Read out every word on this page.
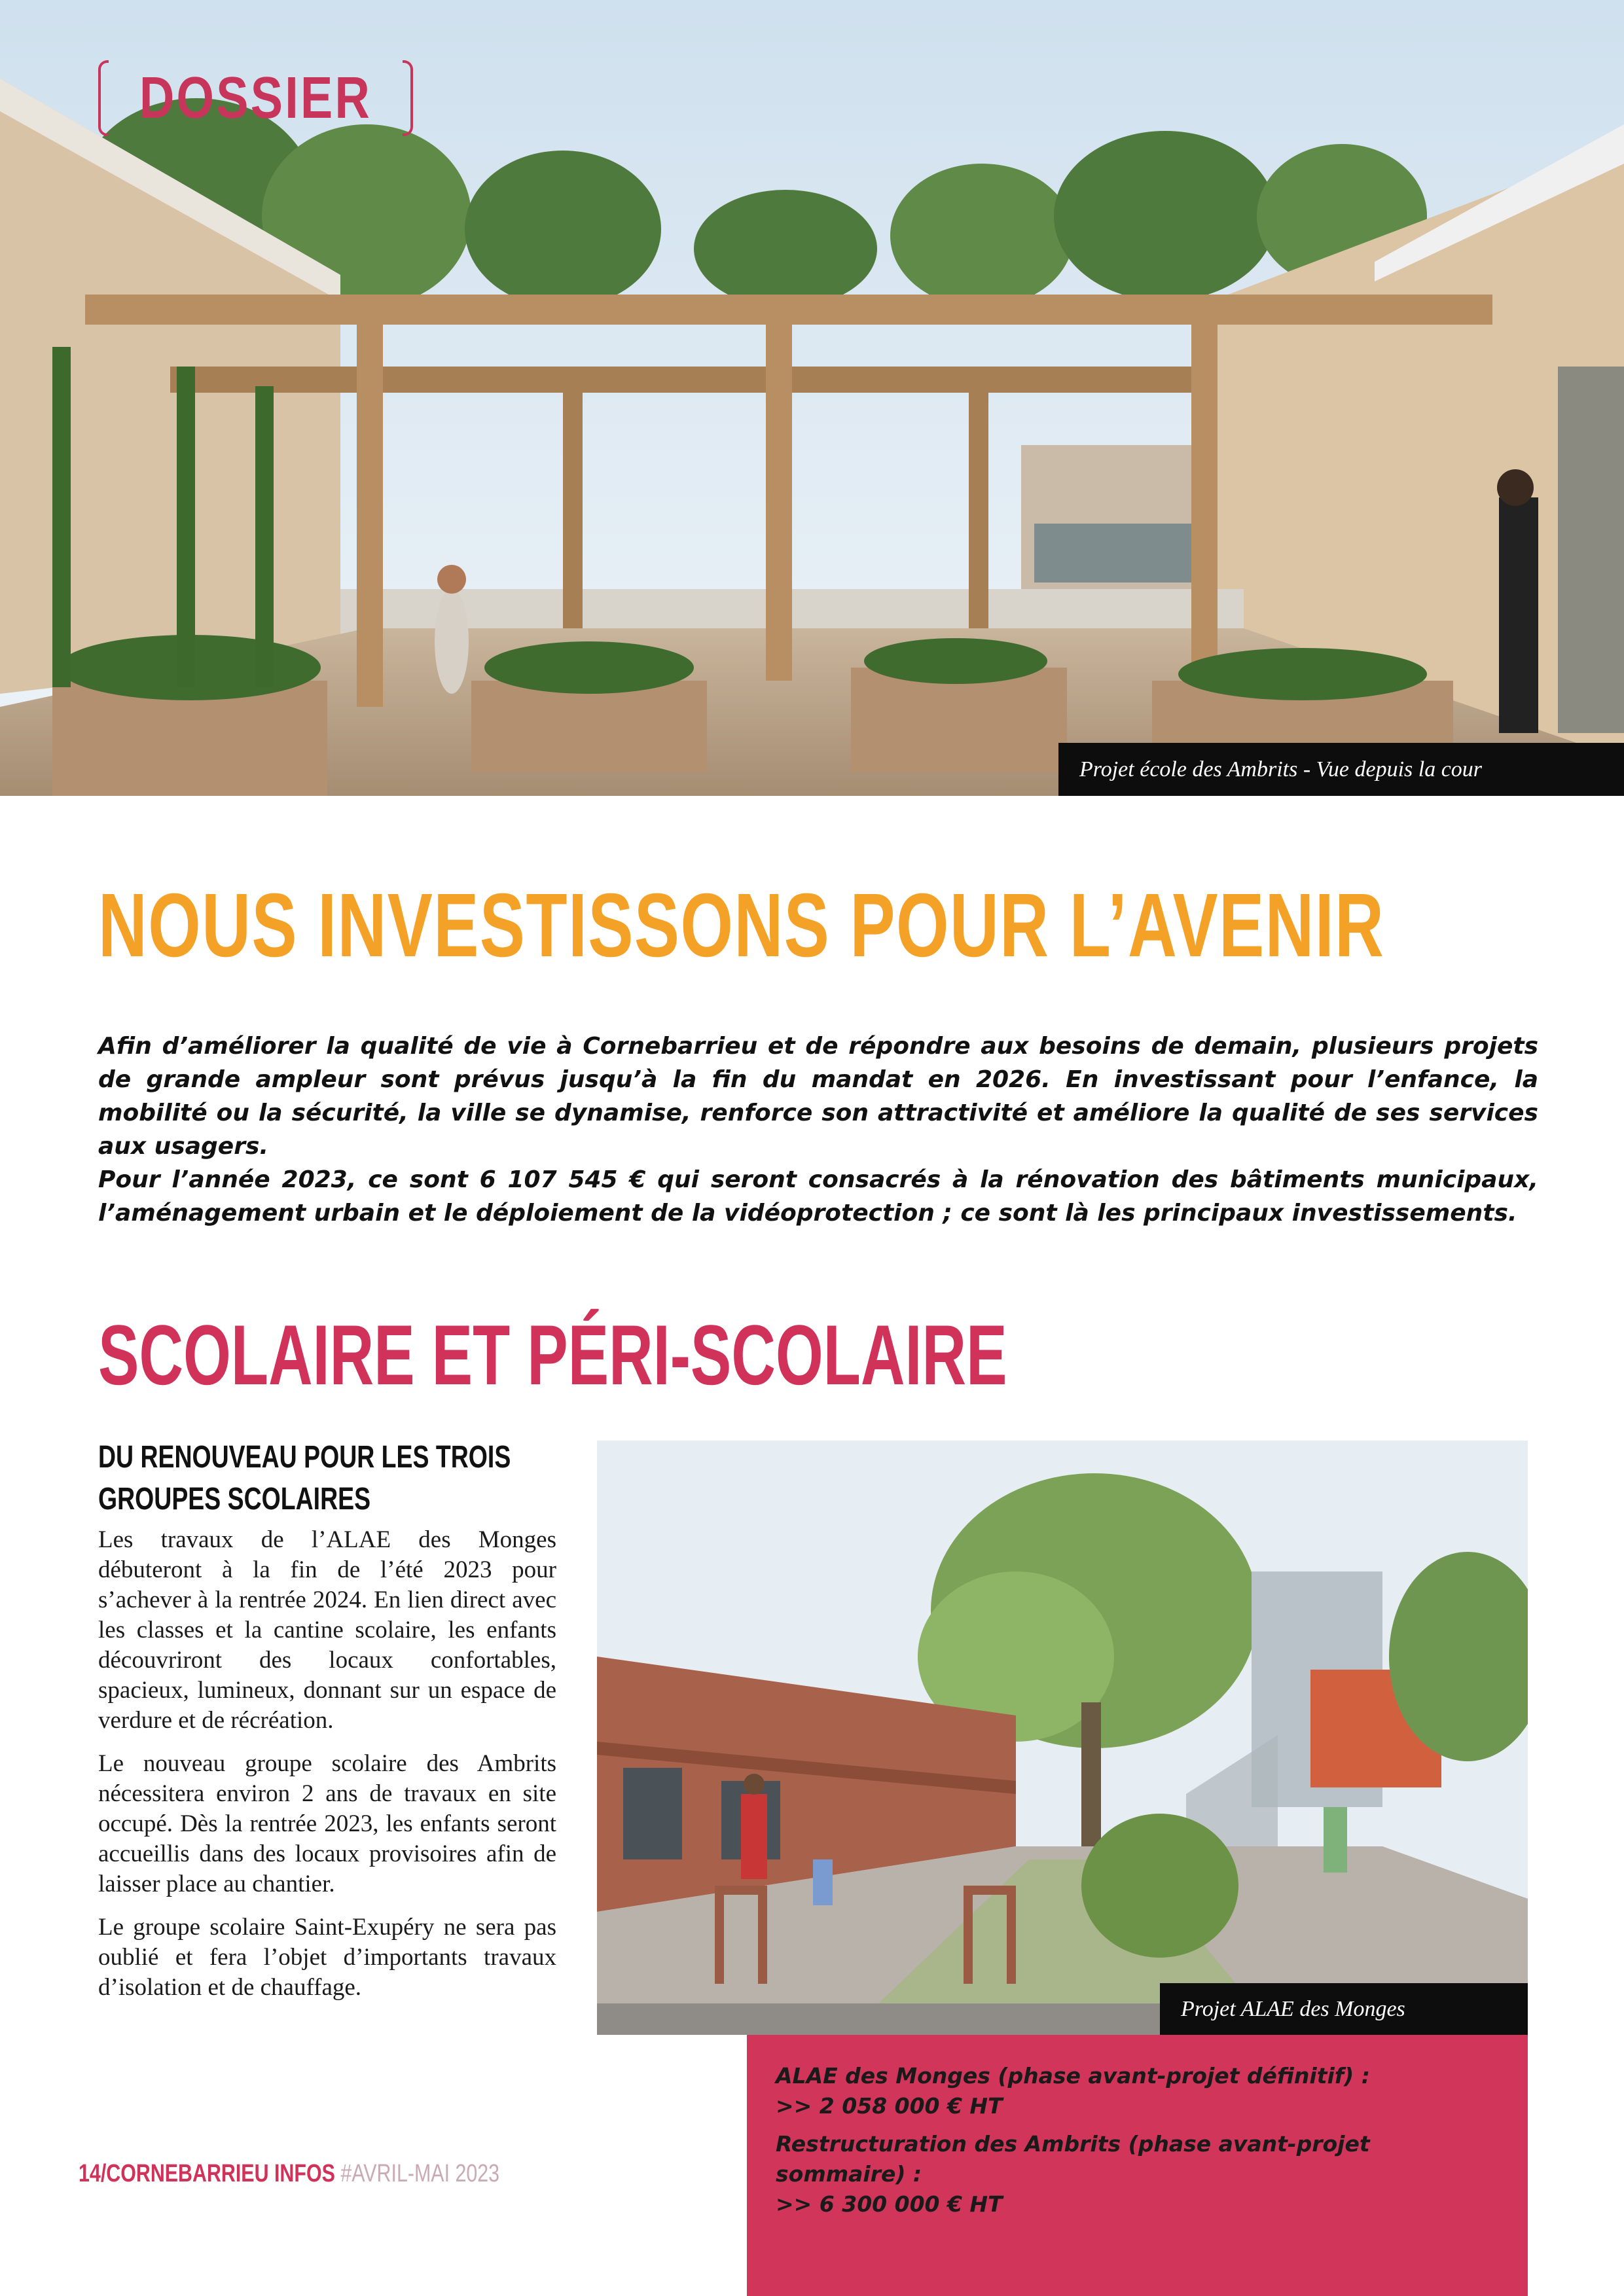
DOSSIER
Projet école des Ambrits - Vue depuis la cour
NOUS INVESTISSONS POUR L’AVENIR

Afin d’améliorer la qualité de vie à Cornebarrieu et de répondre aux besoins de demain, plusieurs projets de grande ampleur sont prévus jusqu’à la fin du mandat en 2026. En investissant pour l’enfance, la mobilité ou la sécurité, la ville se dynamise, renforce son attractivité et améliore la qualité de ses services aux usagers.

Pour l’année 2023, ce sont 6 107 545 € qui seront consacrés à la rénovation des bâtiments municipaux, l’aménagement urbain et le déploiement de la vidéoprotection ; ce sont là les principaux investissements.

SCOLAIRE ET PÉRI-SCOLAIRE
DU RENOUVEAU POUR LES TROIS
GROUPES SCOLAIRES

Les travaux de l’ALAE des Monges débuteront à la fin de l’été 2023 pour s’achever à la rentrée 2024. En lien direct avec les classes et la cantine scolaire, les enfants découvriront des locaux confortables, spacieux, lumineux, donnant sur un espace de verdure et de récréation.

Le nouveau groupe scolaire des Ambrits nécessitera environ 2 ans de travaux en site occupé. Dès la rentrée 2023, les enfants seront accueillis dans des locaux provisoires afin de laisser place au chantier.

Le groupe scolaire Saint-Exupéry ne sera pas oublié et fera l’objet d’importants travaux d’isolation et de chauffage.

Projet ALAE des Monges

ALAE des Monges (phase avant-projet définitif) :
>> 2 058 000 € HT

Restructuration des Ambrits (phase avant-projet sommaire) :
>> 6 300 000 € HT

14/CORNEBARRIEU INFOS #AVRIL-MAI 2023
